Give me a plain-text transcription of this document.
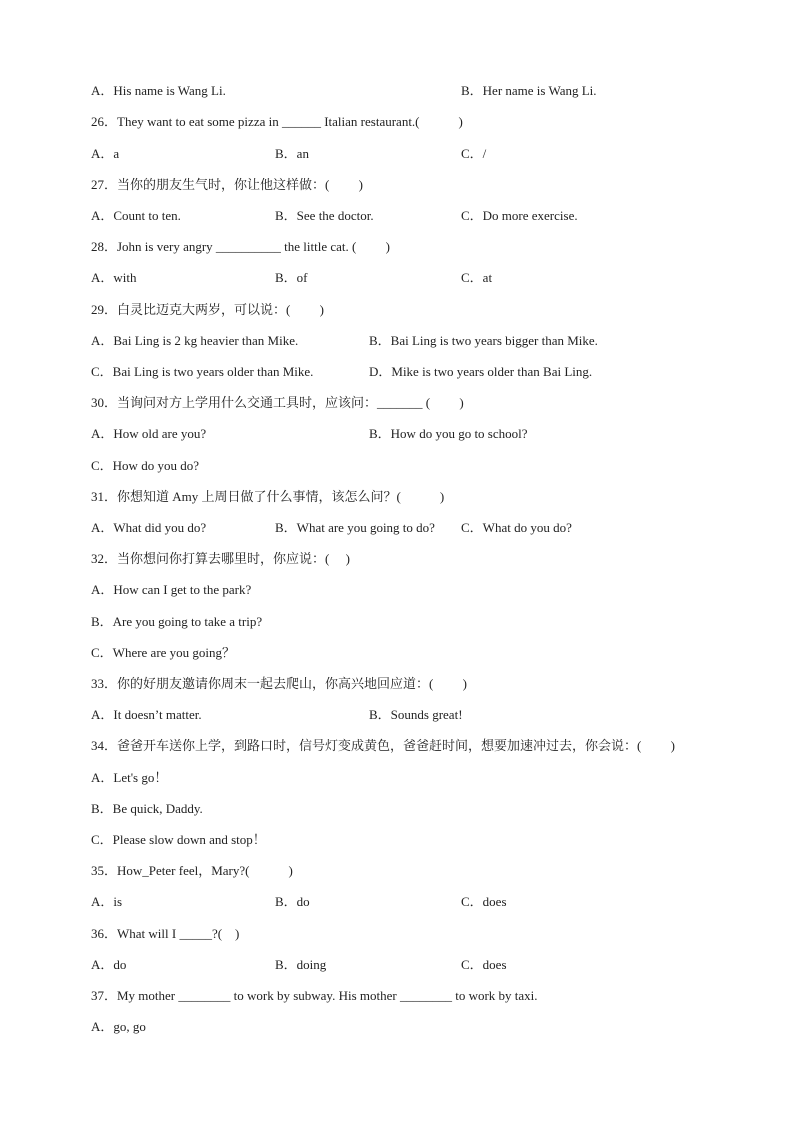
A．His name is Wang Li.	B．Her name is Wang Li.
26．They want to eat some pizza in ______ Italian restaurant.(　　　)
A．a	B．an	C．/
27．当你的朋友生气时，你让他这样做：(　　 )
A．Count to ten.	B．See the doctor.	C．Do more exercise.
28．John is very angry __________ the little cat. (　　 )
A．with	B．of	C．at
29．白灵比迈克大两岁，可以说：(　　 )
A．Bai Ling is 2 kg heavier than Mike.	B．Bai Ling is two years bigger than Mike.
C．Bai Ling is two years older than Mike.	D．Mike is two years older than Bai Ling.
30．当询问对方上学用什么交通工具时，应该问：_______ (　　 )
A．How old are you?	B．How do you go to school?
C．How do you do?
31．你想知道 Amy 上周日做了什么事情，该怎么问？(　　　)
A．What did you do?	B．What are you going to do? C．What do you do?
32．当你想问你打算去哪里时，你应说：(　 )
A．How can I get to the park?
B．Are you going to take a trip?
C．Where are you going？
33．你的好朋友邀请你周末一起去爬山，你高兴地回应道：(　　 )
A．It doesn’t matter.	B．Sounds great!
34．爸爸开车送你上学，到路口时，信号灯变成黄色，爸爸赶时间，想要加速冲过去，你会说：(　　 )
A．Let's go！
B．Be quick, Daddy.
C．Please slow down and stop！
35．How_Peter feel，Mary?(　　　)
A．is	B．do	C．does
36．What will I _____?(　)
A．do	B．doing	C．does
37．My mother ________ to work by subway. His mother ________ to work by taxi.
A．go, go
